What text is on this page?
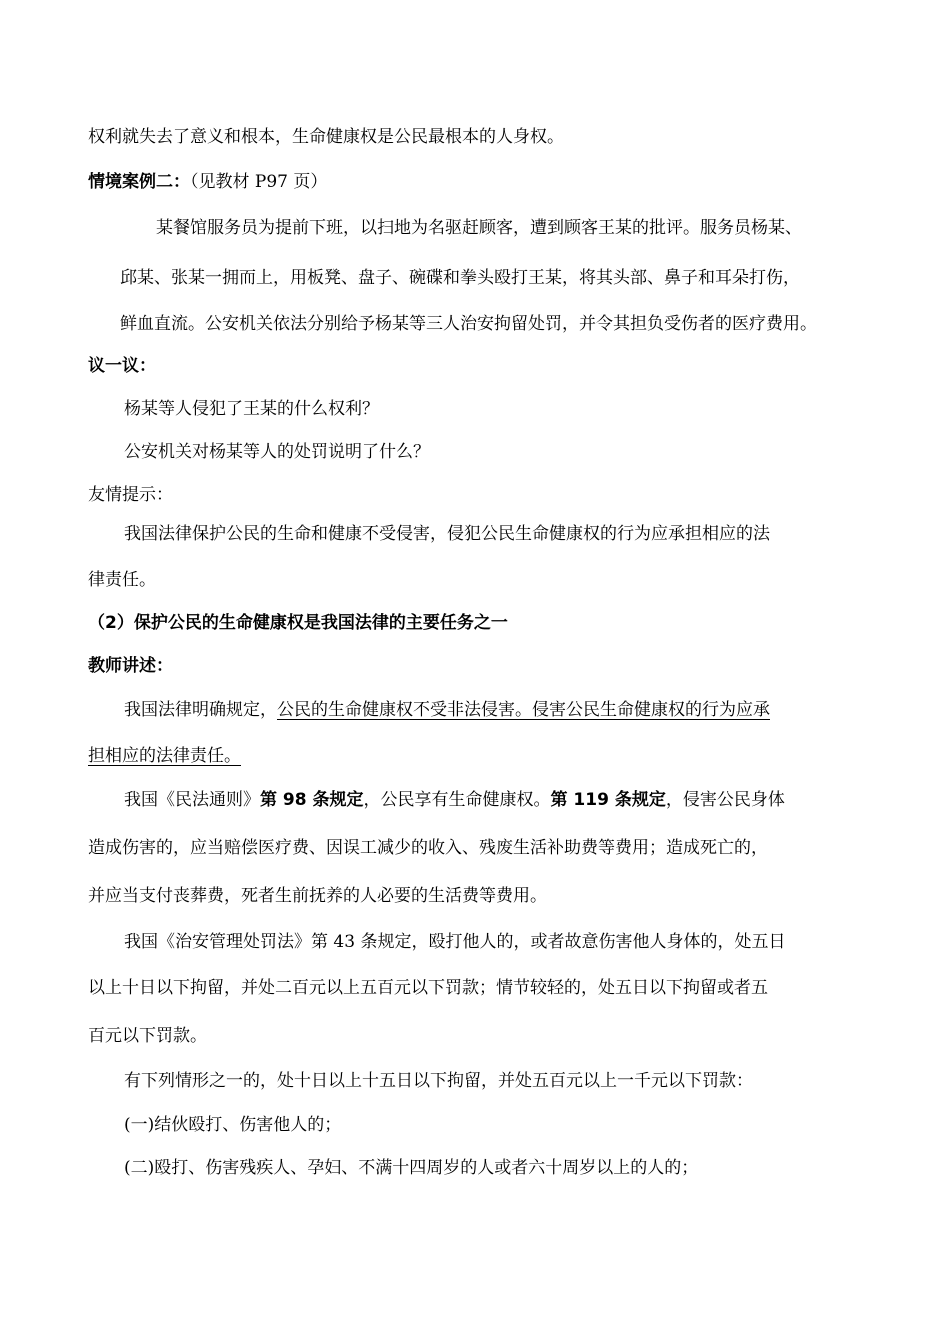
权利就失去了意义和根本，生命健康权是公民最根本的人身权。
情境案例二：（见教材 P97 页）
某餐馆服务员为提前下班，以扫地为名驱赶顾客，遭到顾客王某的批评。服务员杨某、
邱某、张某一拥而上，用板凳、盘子、碗碟和拳头殴打王某，将其头部、鼻子和耳朵打伤，
鲜血直流。公安机关依法分别给予杨某等三人治安拘留处罚，并令其担负受伤者的医疗费用。
议一议：
杨某等人侵犯了王某的什么权利？
公安机关对杨某等人的处罚说明了什么？
友情提示：
我国法律保护公民的生命和健康不受侵害，侵犯公民生命健康权的行为应承担相应的法
律责任。
（2）保护公民的生命健康权是我国法律的主要任务之一
教师讲述：
我国法律明确规定，公民的生命健康权不受非法侵害。侵害公民生命健康权的行为应承
担相应的法律责任。
我国《民法通则》第 98 条规定，公民享有生命健康权。第 119 条规定，侵害公民身体
造成伤害的，应当赔偿医疗费、因误工减少的收入、残废生活补助费等费用；造成死亡的，
并应当支付丧葬费，死者生前抚养的人必要的生活费等费用。
我国《治安管理处罚法》第 43 条规定，殴打他人的，或者故意伤害他人身体的，处五日
以上十日以下拘留，并处二百元以上五百元以下罚款；情节较轻的，处五日以下拘留或者五
百元以下罚款。
有下列情形之一的，处十日以上十五日以下拘留，并处五百元以上一千元以下罚款：
(一)结伙殴打、伤害他人的；
(二)殴打、伤害残疾人、孕妇、不满十四周岁的人或者六十周岁以上的人的；
